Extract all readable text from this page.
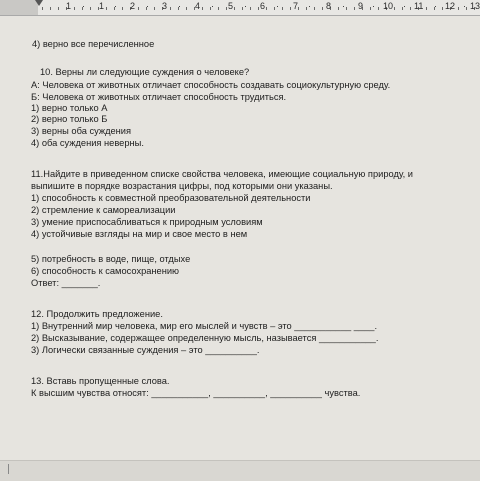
1 · 1 · 2 · 3 · 4 · 5 · 6 · 7 · 8 · 9 · 10 · 11 · 12 · 13
4) верно все перечисленное
10. Верны ли следующие суждения о человеке?
А: Человека от животных отличает способность создавать социокультурную среду.
Б: Человека от животных отличает способность трудиться.
1) верно только А
2) верно только Б
3) верны оба суждения
4) оба суждения неверны.
11.Найдите в приведенном списке свойства человека, имеющие социальную природу, и
выпишите в порядке возрастания цифры, под которыми они указаны.
1) способность к совместной преобразовательной деятельности
2) стремление к самореализации
3) умение приспосабливаться к природным условиям
4) устойчивые взгляды на мир и свое место в нем
5) потребность в воде, пище, отдыхе
6) способность к самосохранению
Ответ: _______.
12. Продолжить предложение.
1) Внутренний мир человека, мир его мыслей и чувств – это ___________ ____.
2) Высказывание, содержащее определенную мысль, называется ___________.
3) Логически связанные суждения – это __________.
13. Вставь пропущенные слова.
К высшим чувства относят: ___________, __________, __________ чувства.
